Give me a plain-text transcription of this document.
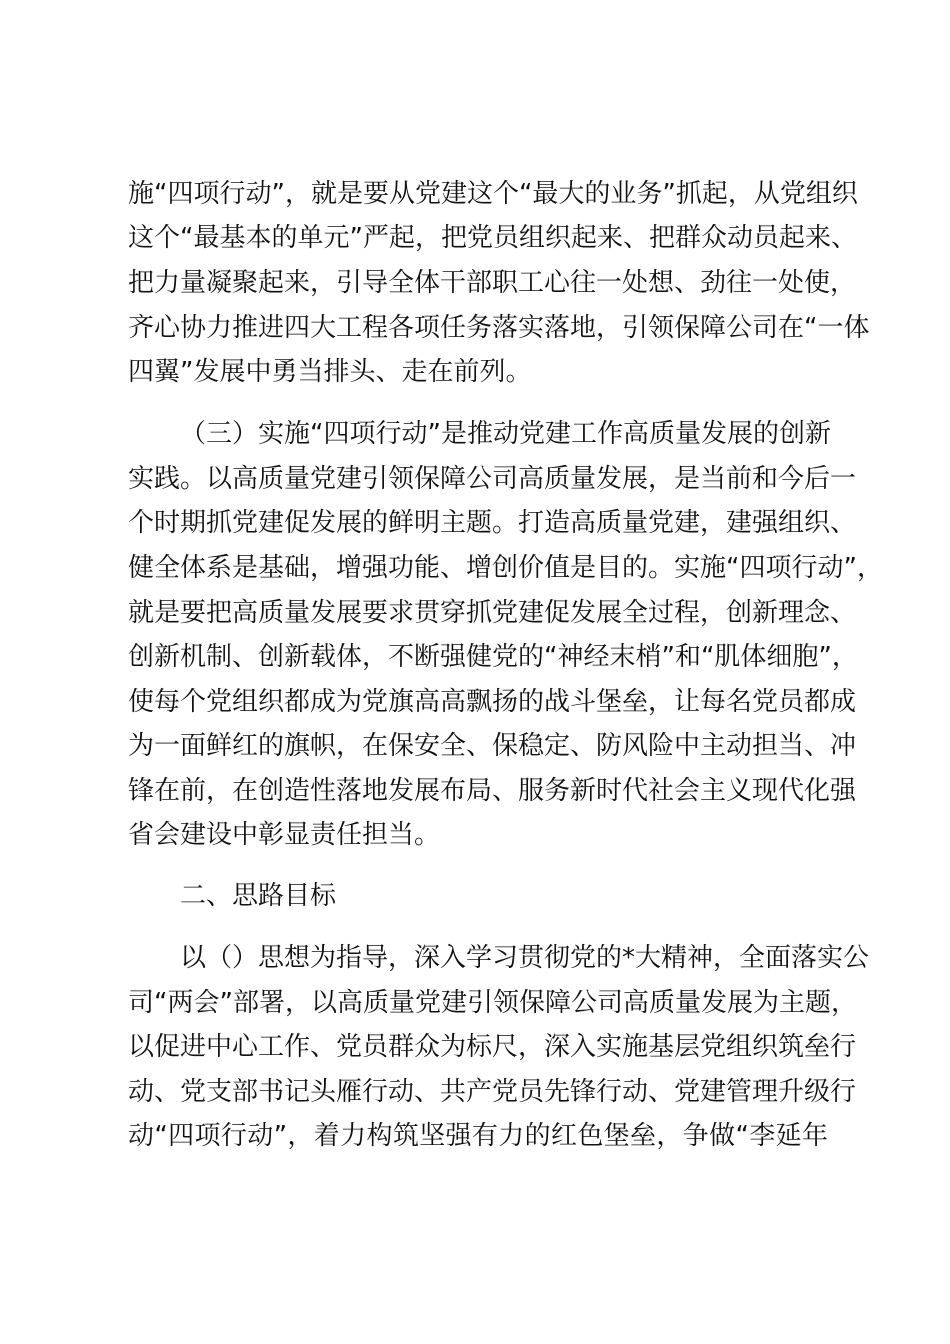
施“四项行动”，就是要从党建这个“最大的业务”抓起，从党组织
这个“最基本的单元”严起，把党员组织起来、把群众动员起来、
把力量凝聚起来，引导全体干部职工心往一处想、劲往一处使，
齐心协力推进四大工程各项任务落实落地，引领保障公司在“一体
四翼”发展中勇当排头、走在前列。
（三）实施“四项行动”是推动党建工作高质量发展的创新
实践。以高质量党建引领保障公司高质量发展，是当前和今后一
个时期抓党建促发展的鲜明主题。打造高质量党建，建强组织、
健全体系是基础，增强功能、增创价值是目的。实施“四项行动”，
就是要把高质量发展要求贯穿抓党建促发展全过程，创新理念、
创新机制、创新载体，不断强健党的“神经末梢”和“肌体细胞”，
使每个党组织都成为党旗高高飘扬的战斗堡垒，让每名党员都成
为一面鲜红的旗帜，在保安全、保稳定、防风险中主动担当、冲
锋在前，在创造性落地发展布局、服务新时代社会主义现代化强
省会建设中彰显责任担当。
二、思路目标
以（）思想为指导，深入学习贯彻党的*大精神，全面落实公
司“两会”部署，以高质量党建引领保障公司高质量发展为主题，
以促进中心工作、党员群众为标尺，深入实施基层党组织筑垒行
动、党支部书记头雁行动、共产党员先锋行动、党建管理升级行
动“四项行动”，着力构筑坚强有力的红色堡垒，争做“李延年
